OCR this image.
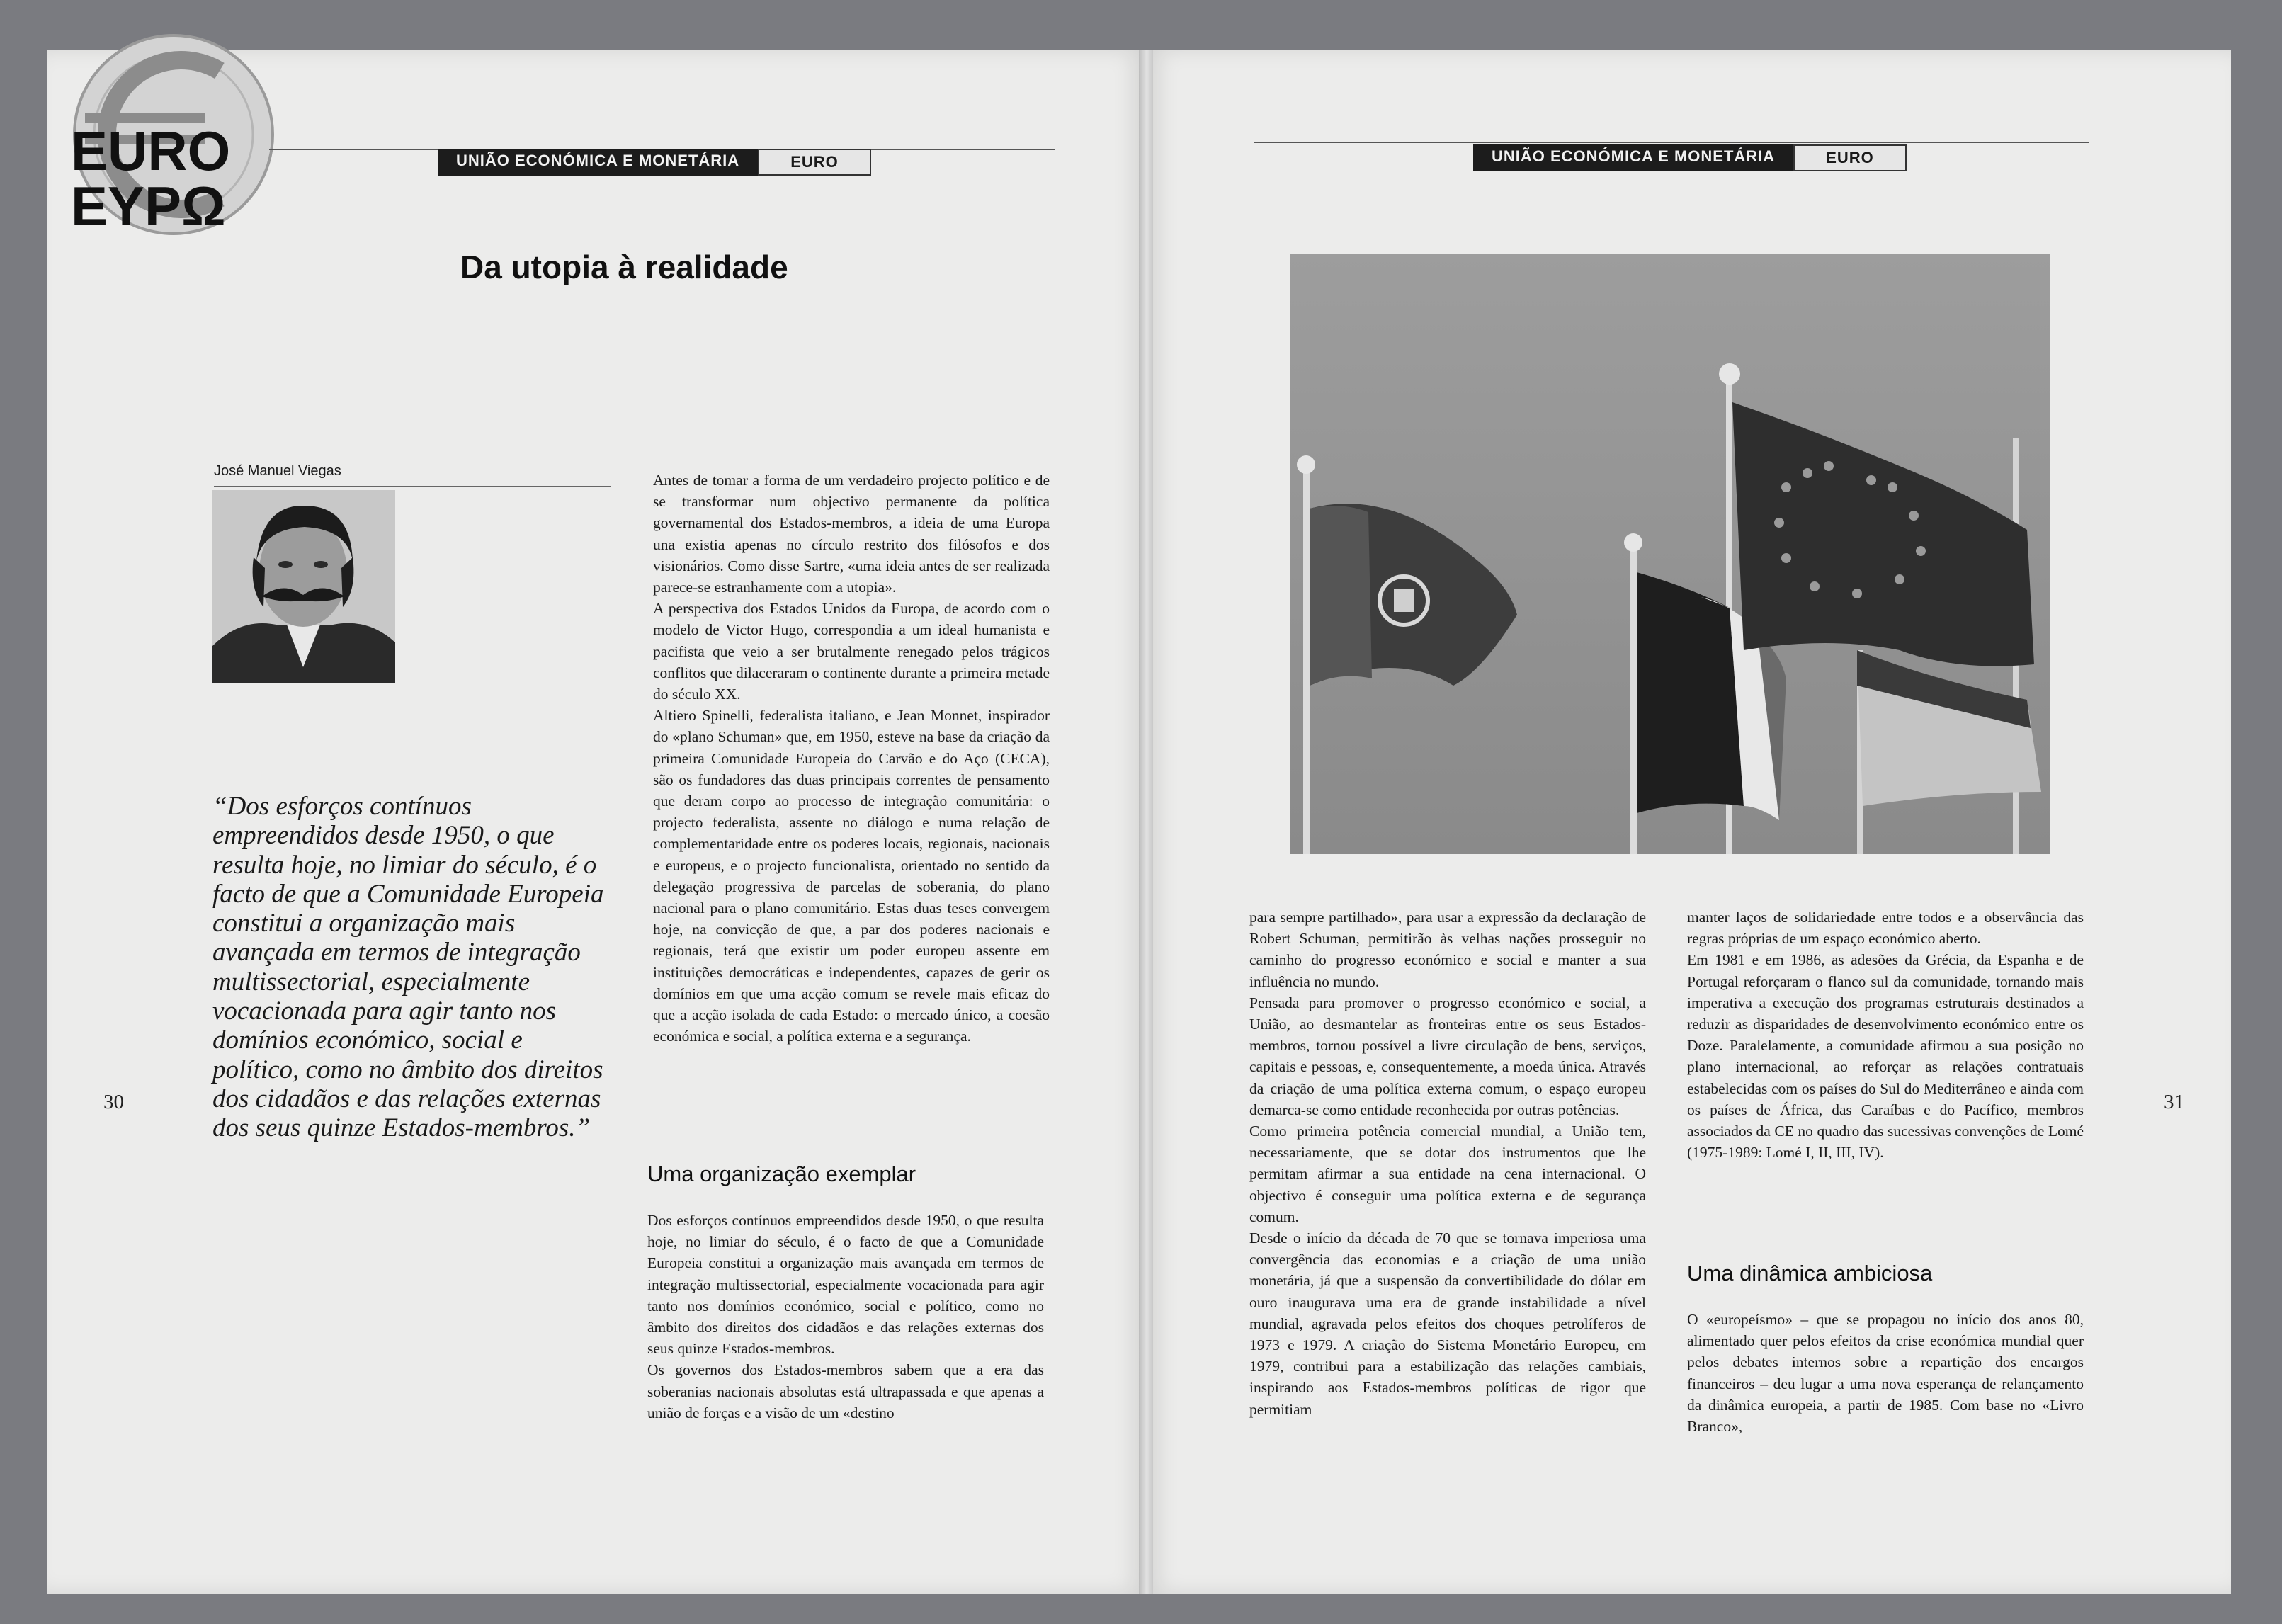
EURO
EYPΩ
UNIÃO ECONÓMICA E MONETÁRIA	EURO
Da utopia à realidade
José Manuel Viegas
“Dos esforços contínuos empreendidos desde 1950, o que resulta hoje, no limiar do século, é o facto de que a Comunidade Europeia constitui a organização mais avançada em termos de integração multissectorial, especialmente vocacionada para agir tanto nos domínios económico, social e político, como no âmbito dos direitos dos cidadãos e das relações externas dos seus quinze Estados-membros.”

Antes de tomar a forma de um verdadeiro projecto político e de se transformar num objectivo permanente da política governamental dos Estados-membros, a ideia de uma Europa una existia apenas no círculo restrito dos filósofos e dos visionários. Como disse Sartre, «uma ideia antes de ser realizada parece-se estranhamente com a utopia».

A perspectiva dos Estados Unidos da Europa, de acordo com o modelo de Victor Hugo, correspondia a um ideal humanista e pacifista que veio a ser brutalmente renegado pelos trágicos conflitos que dilaceraram o continente durante a primeira metade do século XX.

Altiero Spinelli, federalista italiano, e Jean Monnet, inspirador do «plano Schuman» que, em 1950, esteve na base da criação da primeira Comunidade Europeia do Carvão e do Aço (CECA), são os fundadores das duas principais correntes de pensamento que deram corpo ao processo de integração comunitária: o projecto federalista, assente no diálogo e numa relação de complementaridade entre os poderes locais, regionais, nacionais e europeus, e o projecto funcionalista, orientado no sentido da delegação progressiva de parcelas de soberania, do plano nacional para o plano comunitário. Estas duas teses convergem hoje, na convicção de que, a par dos poderes nacionais e regionais, terá que existir um poder europeu assente em instituições democráticas e independentes, capazes de gerir os domínios em que uma acção comum se revele mais eficaz do que a acção isolada de cada Estado: o mercado único, a coesão económica e social, a política externa e a segurança.

Uma organização exemplar

Dos esforços contínuos empreendidos desde 1950, o que resulta hoje, no limiar do século, é o facto de que a Comunidade Europeia constitui a organização mais avançada em termos de integração multissectorial, especialmente vocacionada para agir tanto nos domínios económico, social e político, como no âmbito dos direitos dos cidadãos e das relações externas dos seus quinze Estados-membros.

Os governos dos Estados-membros sabem que a era das soberanias nacionais absolutas está ultrapassada e que apenas a união de forças e a visão de um «destino

30
UNIÃO ECONÓMICA E MONETÁRIA	EURO

para sempre partilhado», para usar a expressão da declaração de Robert Schuman, permitirão às velhas nações prosseguir no caminho do progresso económico e social e manter a sua influência no mundo.

Pensada para promover o progresso económico e social, a União, ao desmantelar as fronteiras entre os seus Estados-membros, tornou possível a livre circulação de bens, serviços, capitais e pessoas, e, consequentemente, a moeda única. Através da criação de uma política externa comum, o espaço europeu demarca-se como entidade reconhecida por outras potências.

Como primeira potência comercial mundial, a União tem, necessariamente, que se dotar dos instrumentos que lhe permitam afirmar a sua entidade na cena internacional. O objectivo é conseguir uma política externa e de segurança comum.

Desde o início da década de 70 que se tornava imperiosa uma convergência das economias e a criação de uma união monetária, já que a suspensão da convertibilidade do dólar em ouro inaugurava uma era de grande instabilidade a nível mundial, agravada pelos efeitos dos choques petrolíferos de 1973 e 1979. A criação do Sistema Monetário Europeu, em 1979, contribui para a estabilização das relações cambiais, inspirando aos Estados-membros políticas de rigor que permitiam

manter laços de solidariedade entre todos e a observância das regras próprias de um espaço económico aberto.

Em 1981 e em 1986, as adesões da Grécia, da Espanha e de Portugal reforçaram o flanco sul da comunidade, tornando mais imperativa a execução dos programas estruturais destinados a reduzir as disparidades de desenvolvimento económico entre os Doze. Paralelamente, a comunidade afirmou a sua posição no plano internacional, ao reforçar as relações contratuais estabelecidas com os países do Sul do Mediterrâneo e ainda com os países de África, das Caraíbas e do Pacífico, membros associados da CE no quadro das sucessivas convenções de Lomé (1975-1989: Lomé I, II, III, IV).

Uma dinâmica ambiciosa

O «europeísmo» – que se propagou no início dos anos 80, alimentado quer pelos efeitos da crise económica mundial quer pelos debates internos sobre a repartição dos encargos financeiros – deu lugar a uma nova esperança de relançamento da dinâmica europeia, a partir de 1985. Com base no «Livro Branco»,

31
